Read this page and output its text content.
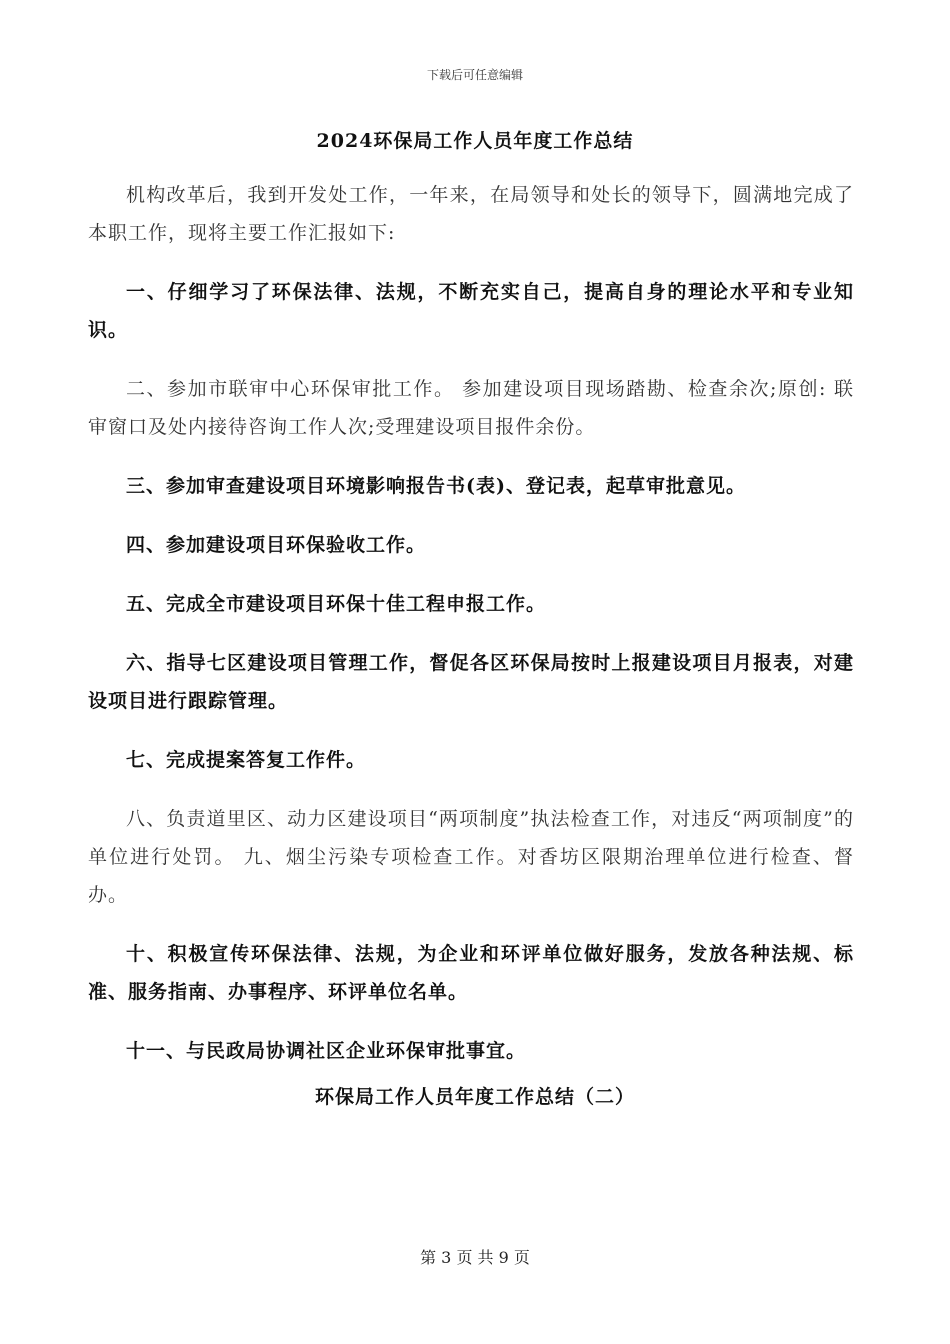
下载后可任意编辑
2024环保局工作人员年度工作总结

机构改革后，我到开发处工作，一年来，在局领导和处长的领导下，圆满地完成了本职工作，现将主要工作汇报如下:

一、仔细学习了环保法律、法规，不断充实自己，提高自身的理论水平和专业知识。

二、参加市联审中心环保审批工作。 参加建设项目现场踏勘、检查余次;原创: 联审窗口及处内接待咨询工作人次;受理建设项目报件余份。

三、参加审查建设项目环境影响报告书(表)、登记表，起草审批意见。

四、参加建设项目环保验收工作。

五、完成全市建设项目环保十佳工程申报工作。

六、指导七区建设项目管理工作，督促各区环保局按时上报建设项目月报表，对建设项目进行跟踪管理。

七、完成提案答复工作件。

八、负责道里区、动力区建设项目“两项制度”执法检查工作，对违反“两项制度”的单位进行处罚。 九、烟尘污染专项检查工作。对香坊区限期治理单位进行检查、督办。

十、积极宣传环保法律、法规，为企业和环评单位做好服务，发放各种法规、标准、服务指南、办事程序、环评单位名单。

十一、与民政局协调社区企业环保审批事宜。

环保局工作人员年度工作总结（二）
第 3 页 共 9 页
